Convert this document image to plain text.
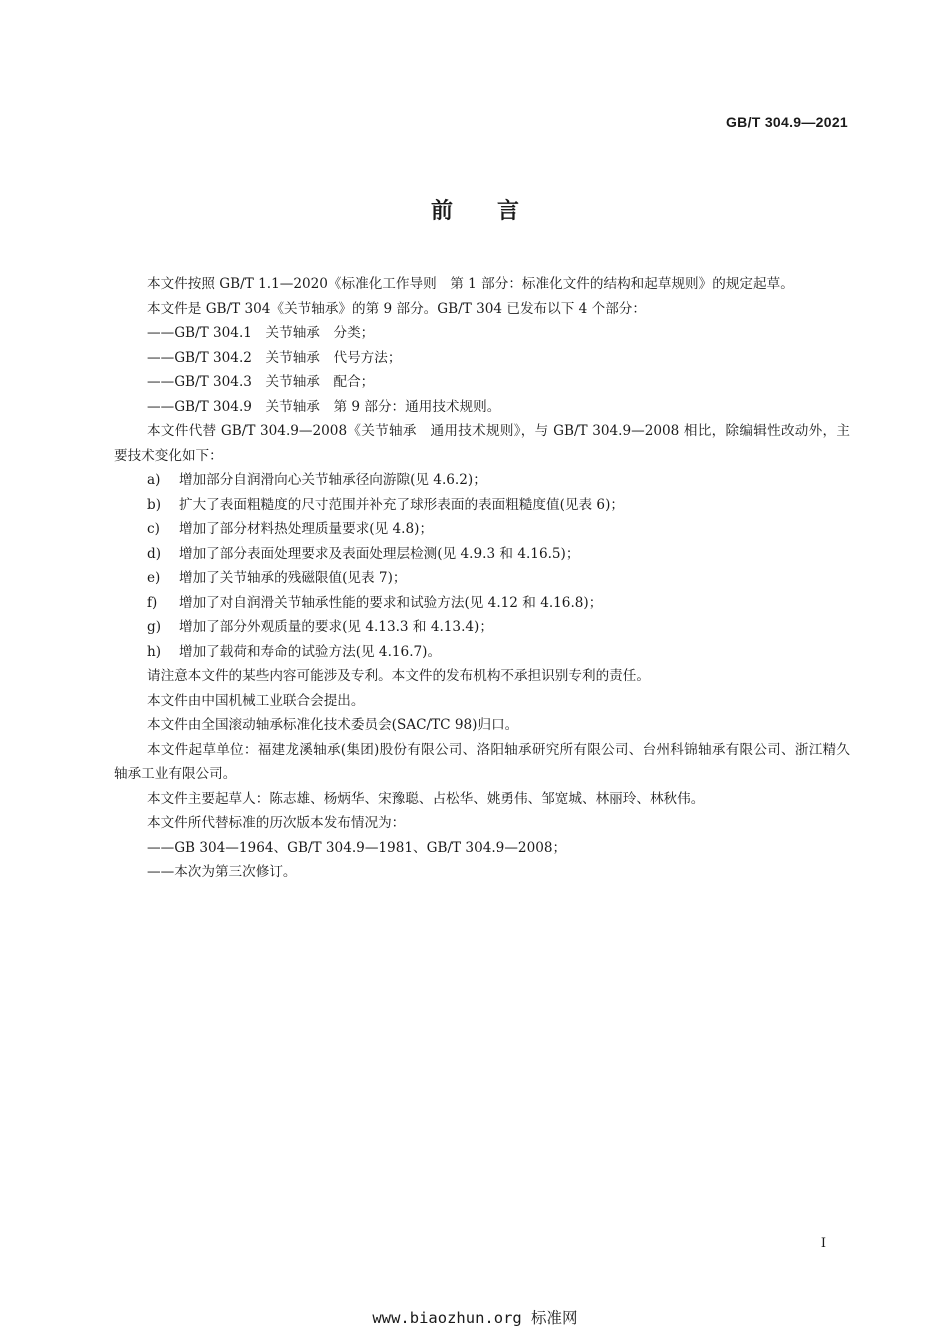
GB/T 304.9—2021
前言

本文件按照 GB/T 1.1—2020《标准化工作导则　第 1 部分：标准化文件的结构和起草规则》的规定起草。

本文件是 GB/T 304《关节轴承》的第 9 部分。GB/T 304 已发布以下 4 个部分：

——GB/T 304.1　关节轴承　分类；

——GB/T 304.2　关节轴承　代号方法；

——GB/T 304.3　关节轴承　配合；

——GB/T 304.9　关节轴承　第 9 部分：通用技术规则。

本文件代替 GB/T 304.9—2008《关节轴承　通用技术规则》，与 GB/T 304.9—2008 相比，除编辑性改动外，主要技术变化如下：

a)	增加部分自润滑向心关节轴承径向游隙(见 4.6.2)；
b)	扩大了表面粗糙度的尺寸范围并补充了球形表面的表面粗糙度值(见表 6)；
c)	增加了部分材料热处理质量要求(见 4.8)；
d)	增加了部分表面处理要求及表面处理层检测(见 4.9.3 和 4.16.5)；
e)	增加了关节轴承的残磁限值(见表 7)；
f)	增加了对自润滑关节轴承性能的要求和试验方法(见 4.12 和 4.16.8)；
g)	增加了部分外观质量的要求(见 4.13.3 和 4.13.4)；
h)	增加了载荷和寿命的试验方法(见 4.16.7)。

请注意本文件的某些内容可能涉及专利。本文件的发布机构不承担识别专利的责任。

本文件由中国机械工业联合会提出。

本文件由全国滚动轴承标准化技术委员会(SAC/TC 98)归口。

本文件起草单位：福建龙溪轴承(集团)股份有限公司、洛阳轴承研究所有限公司、台州科锦轴承有限公司、浙江精久轴承工业有限公司。

本文件主要起草人：陈志雄、杨炳华、宋豫聪、占松华、姚勇伟、邹宽城、林丽玲、林秋伟。

本文件所代替标准的历次版本发布情况为：

——GB 304—1964、GB/T 304.9—1981、GB/T 304.9—2008；

——本次为第三次修订。

I
www.biaozhun.org 标准网
